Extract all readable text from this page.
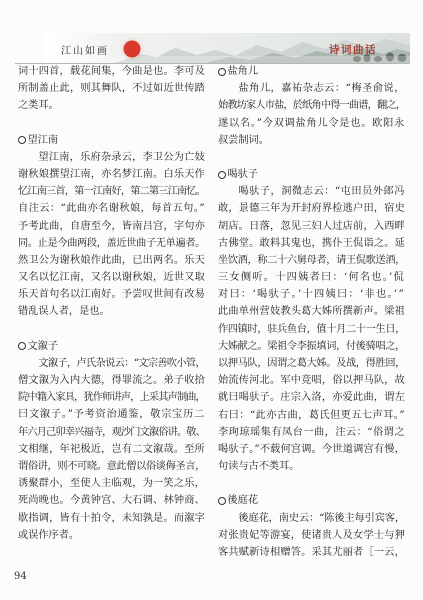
江山如画	诗词曲话
词十四首，载花间集，今曲是也。李可及
所制盖止此，则其舞队，不过如近世传踏
之类耳。
望江南
望江南，乐府杂录云，李卫公为亡妓
谢秋娘撰望江南，亦名梦江南。白乐天作
忆江南三首，第一江南好，第二第三江南忆。
自注云：“此曲亦名谢秋娘，每首五句。”
予考此曲，自唐至今，皆南吕宫，字句亦
同。止是今曲两段，盖近世曲子无单遍者。
然卫公为谢秋娘作此曲，已出两名。乐天
又名以忆江南，又名以谢秋娘，近世又取
乐天首句名以江南好。予尝叹世间有改易
错乱误人者，是也。
文溆子
文溆子，卢氏杂说云：“文宗善吹小管，
僧文溆为入内大德，得罪流之。弟子收拾
院中籍入家具，犹作师讲声，上采其声制曲，
曰文溆子。”予考资治通鉴，敬宗宝历二
年六月己卯幸兴福寺，观沙门文溆俗讲。敬、
文相继，年祀极近，岂有二文溆哉。至所
谓俗讲，则不可晓。意此僧以俗谈侮圣言，
诱聚群小，至使人主临观，为一笑之乐，
死尚晚也。今黄钟宫、大石调、林钟商、
歇指调，皆有十拍令，未知孰是。而溆字
或误作序者。
盐角儿
盐角儿，嘉祐杂志云：“梅圣俞说，
始教坊家人市盐，於纸角中得一曲谱，翻之，
遂以名。”今双调盐角儿令是也。欧阳永
叔尝制词。
喝驮子
喝驮子，洞微志云：“屯田员外郎冯
敢，景德三年为开封府界检逃户田，宿史
胡店。日落，忽见三妇人过店前，入西畔
古佛堂。敢料其鬼也，携仆王侃诣之。延
坐饮酒，称二十六舅母者，请王侃歌送酒，
三女侧听。十四姨者曰：‘何名也。’侃
对曰：‘喝驮子。’十四姨曰：‘非也。’”
此曲单州营妓教头葛大姊所撰新声。梁祖
作四镇时，驻兵鱼台，值十月二十一生日，
大姊献之。梁祖令李振填词，付後骑唱之，
以押马队，因谓之葛大姊。及战，得胜回，
始流传河北。军中竞唱，俗以押马队，故
就曰喝驮子。庄宗入洛，亦爱此曲，谓左
右曰：“此亦古曲，葛氏但更五七声耳。”
李珣琼瑶集有凤台一曲，注云：“俗谓之
喝驮子。”不载何宫调。今世道调宫有慢，
句读与古不类耳。
後庭花
後庭花，南史云：“陈後主每引宾客，
对张贵妃等游宴，使诸贵人及女学士与狎
客共赋新诗相赠答。采其尤丽者［一云，
94
